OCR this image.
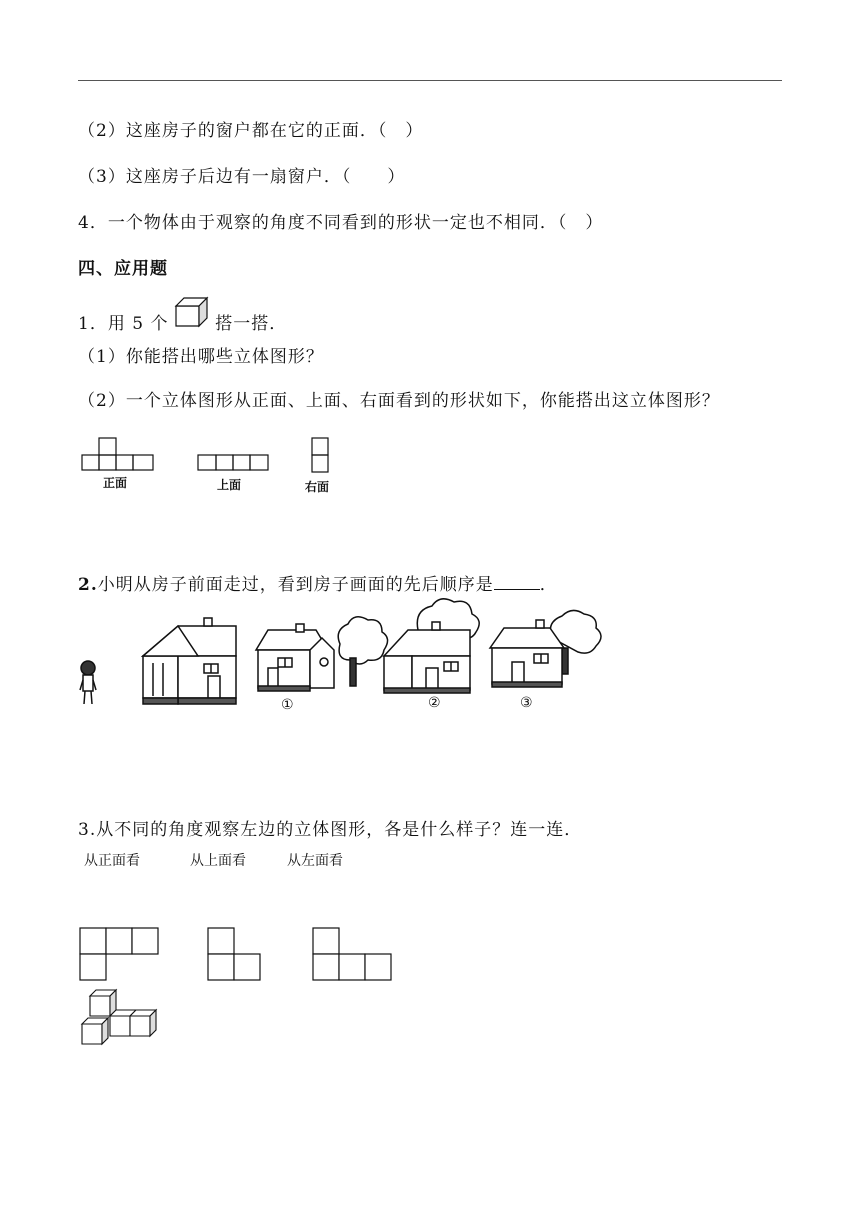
（2）这座房子的窗户都在它的正面．（　）
（3）这座房子后边有一扇窗户．（　　）
4．一个物体由于观察的角度不同看到的形状一定也不相同．（　）
四、应用题
1．用 5 个	搭一搭．
（1）你能搭出哪些立体图形？
（2）一个立体图形从正面、上面、右面看到的形状如下，你能搭出这立体图形？
正面	上面	右面
2.小明从房子前面走过，看到房子画面的先后顺序是	．
①	②	③
3.从不同的角度观察左边的立体图形，各是什么样子？连一连．
从正面看	从上面看	从左面看
